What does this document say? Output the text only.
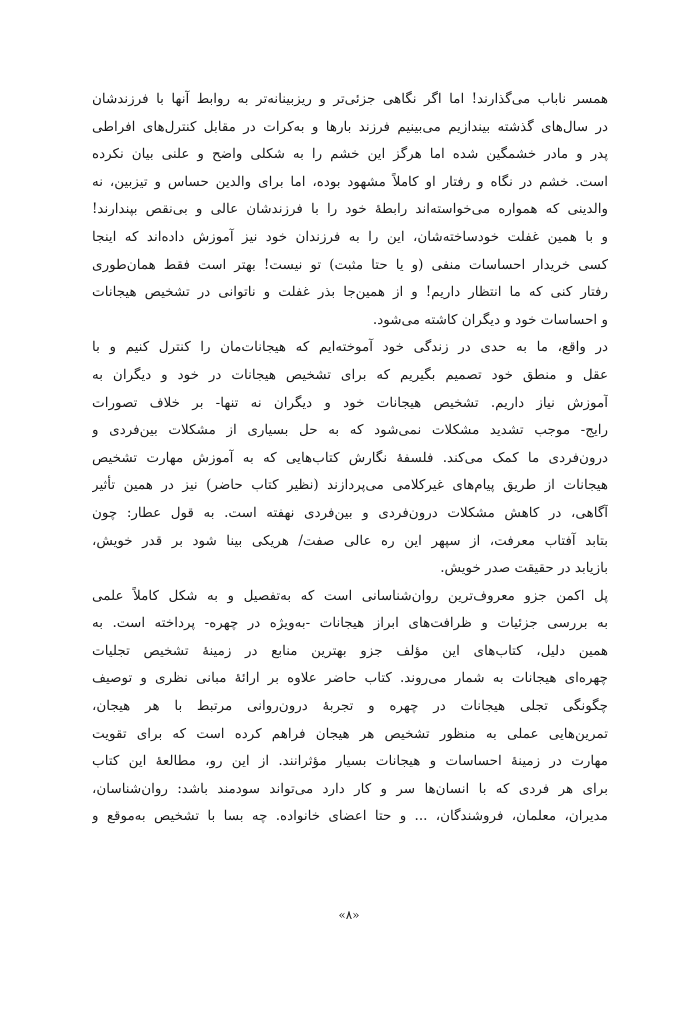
همسر ناباب می‌گذارند! اما اگر نگاهی جزئی‌تر و ریزبینانه‌تر به روابط آنها با فرزندشان
در سال‌های گذشته بیندازیم می‌بینیم فرزند بارها و به‌کرات در مقابل کنترل‌های افراطی
پدر و مادر خشمگین شده اما هرگز این خشم را به شکلی واضح و علنی بیان نکرده
است. خشم در نگاه و رفتار او کاملاً مشهود بوده، اما برای والدین حساس و تیزبین، نه
والدینی که همواره می‌خواسته‌اند رابطهٔ خود را با فرزندشان عالی و بی‌نقص بپندارند!
و با همین غفلت خودساخته‌شان، این را به فرزندان خود نیز آموزش داده‌اند که اینجا
کسی خریدار احساسات منفی (و یا حتا مثبت) تو نیست! بهتر است فقط همان‌طوری
رفتار کنی که ما انتظار داریم! و از همین‌جا بذر غفلت و ناتوانی در تشخیص هیجانات
و احساسات خود و دیگران کاشته می‌شود.
در واقع، ما به حدی در زندگی خود آموخته‌ایم که هیجانات‌مان را کنترل کنیم و با
عقل و منطق خود تصمیم بگیریم که برای تشخیص هیجانات در خود و دیگران به
آموزش نیاز داریم. تشخیص هیجانات خود و دیگران نه تنها- بر خلاف تصورات
رایج- موجب تشدید مشکلات نمی‌شود که به حل بسیاری از مشکلات بین‌فردی و
درون‌فردی ما کمک می‌کند. فلسفهٔ نگارش کتاب‌هایی که به آموزش مهارت تشخیص
هیجانات از طریق پیام‌های غیرکلامی می‌پردازند (نظیر کتاب حاضر) نیز در همین تأثیر
آگاهی، در کاهش مشکلات درون‌فردی و بین‌فردی نهفته است. به قول عطار: چون
بتابد آفتاب معرفت، از سپهر این ره عالی صفت/ هریکی بینا شود بر قدر خویش،
بازیابد در حقیقت صدر خویش.
پل اکمن جزو معروف‌ترین روان‌شناسانی است که به‌تفصیل و به شکل کاملاً علمی
به بررسی جزئیات و ظرافت‌های ابراز هیجانات -به‌ویژه در چهره- پرداخته است. به
همین دلیل، کتاب‌های این مؤلف جزو بهترین منابع در زمینهٔ تشخیص تجلیات
چهره‌ای هیجانات به شمار می‌روند. کتاب حاضر علاوه بر ارائهٔ مبانی نظری و توصیف
چگونگی تجلی هیجانات در چهره و تجربهٔ درون‌روانی مرتبط با هر هیجان،
تمرین‌هایی عملی به منظور تشخیص هر هیجان فراهم کرده است که برای تقویت
مهارت در زمینهٔ احساسات و هیجانات بسیار مؤثرانند. از این رو، مطالعهٔ این کتاب
برای هر فردی که با انسان‌ها سر و کار دارد می‌تواند سودمند باشد: روان‌شناسان،
مدیران، معلمان، فروشندگان، ... و حتا اعضای خانواده. چه بسا با تشخیص به‌موقع و
«۸»
